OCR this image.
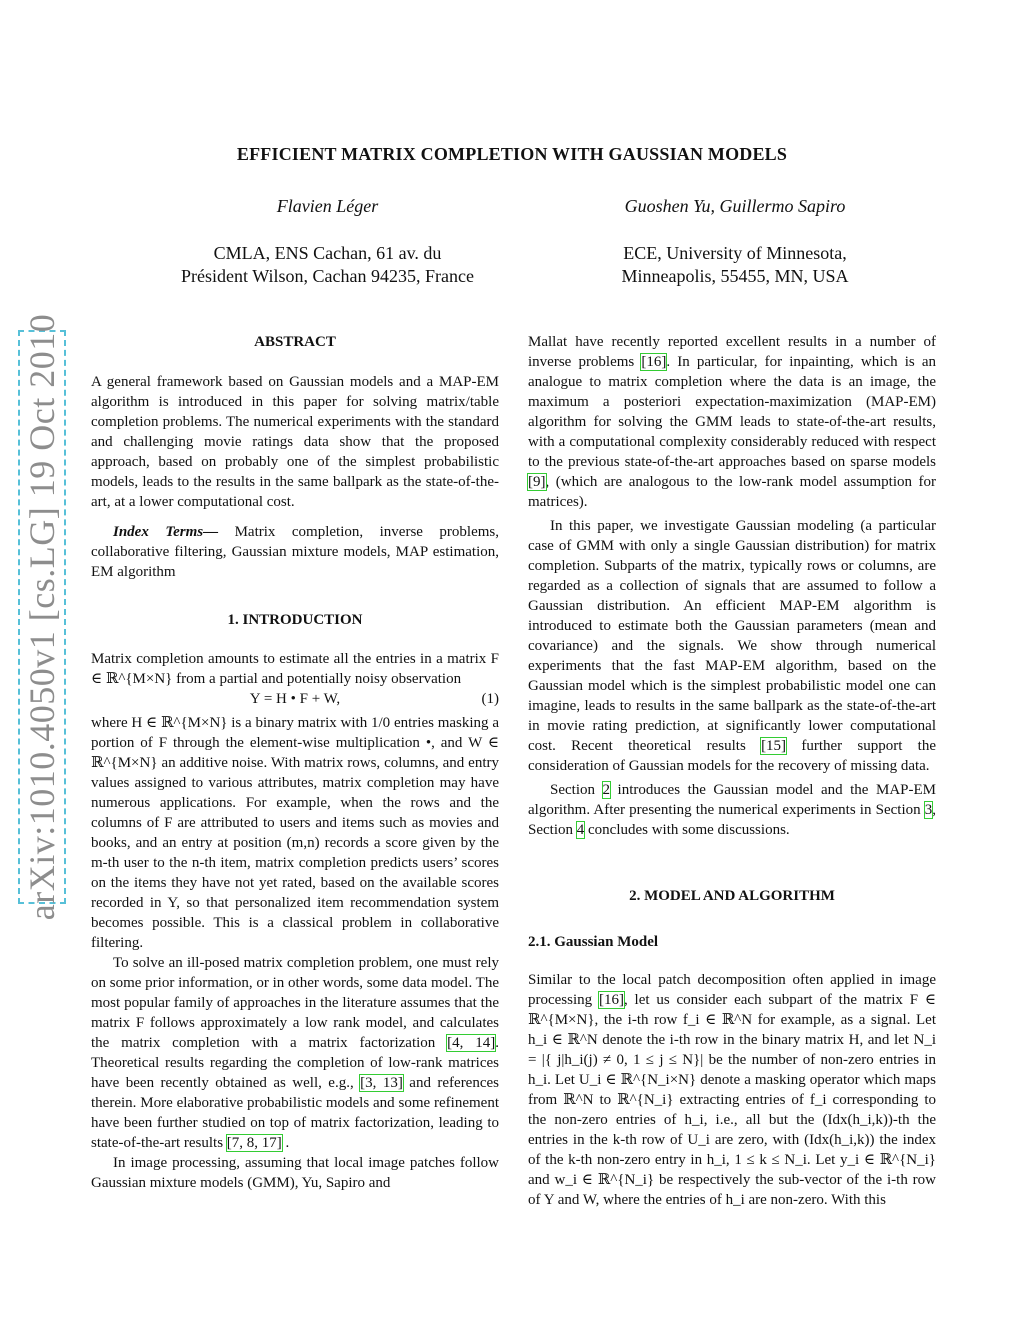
EFFICIENT MATRIX COMPLETION WITH GAUSSIAN MODELS
Flavien Léger	Guoshen Yu, Guillermo Sapiro
CMLA, ENS Cachan, 61 av. du
Président Wilson, Cachan 94235, France
ECE, University of Minnesota,
Minneapolis, 55455, MN, USA
arXiv:1010.4050v1 [cs.LG] 19 Oct 2010	ABSTRACT

A general framework based on Gaussian models and a MAP-EM algorithm is introduced in this paper for solving matrix/table completion problems. The numerical experiments with the standard and challenging movie ratings data show that the proposed approach, based on probably one of the simplest probabilistic models, leads to the results in the same ballpark as the state-of-the-art, at a lower computational cost.

Index Terms— Matrix completion, inverse problems, collaborative filtering, Gaussian mixture models, MAP estimation, EM algorithm

1. INTRODUCTION

Matrix completion amounts to estimate all the entries in a matrix F ∈ ℝ^{M×N} from a partial and potentially noisy observation

Y = H • F + W,	(1)

where H ∈ ℝ^{M×N} is a binary matrix with 1/0 entries masking a portion of F through the element-wise multiplication •, and W ∈ ℝ^{M×N} an additive noise. With matrix rows, columns, and entry values assigned to various attributes, matrix completion may have numerous applications. For example, when the rows and the columns of F are attributed to users and items such as movies and books, and an entry at position (m,n) records a score given by the m-th user to the n-th item, matrix completion predicts users’ scores on the items they have not yet rated, based on the available scores recorded in Y, so that personalized item recommendation system becomes possible. This is a classical problem in collaborative filtering.

To solve an ill-posed matrix completion problem, one must rely on some prior information, or in other words, some data model. The most popular family of approaches in the literature assumes that the matrix F follows approximately a low rank model, and calculates the matrix completion with a matrix factorization [4, 14]. Theoretical results regarding the completion of low-rank matrices have been recently obtained as well, e.g., [3, 13] and references therein. More elaborative probabilistic models and some refinement have been further studied on top of matrix factorization, leading to state-of-the-art results [7, 8, 17] .

In image processing, assuming that local image patches follow Gaussian mixture models (GMM), Yu, Sapiro and

Mallat have recently reported excellent results in a number of inverse problems [16]. In particular, for inpainting, which is an analogue to matrix completion where the data is an image, the maximum a posteriori expectation-maximization (MAP-EM) algorithm for solving the GMM leads to state-of-the-art results, with a computational complexity considerably reduced with respect to the previous state-of-the-art approaches based on sparse models [9], (which are analogous to the low-rank model assumption for matrices).

In this paper, we investigate Gaussian modeling (a particular case of GMM with only a single Gaussian distribution) for matrix completion. Subparts of the matrix, typically rows or columns, are regarded as a collection of signals that are assumed to follow a Gaussian distribution. An efficient MAP-EM algorithm is introduced to estimate both the Gaussian parameters (mean and covariance) and the signals. We show through numerical experiments that the fast MAP-EM algorithm, based on the Gaussian model which is the simplest probabilistic model one can imagine, leads to results in the same ballpark as the state-of-the-art in movie rating prediction, at significantly lower computational cost. Recent theoretical results [15] further support the consideration of Gaussian models for the recovery of missing data.

Section 2 introduces the Gaussian model and the MAP-EM algorithm. After presenting the numerical experiments in Section 3, Section 4 concludes with some discussions.

2. MODEL AND ALGORITHM
2.1. Gaussian Model

Similar to the local patch decomposition often applied in image processing [16], let us consider each subpart of the matrix F ∈ ℝ^{M×N}, the i-th row f_i ∈ ℝ^N for example, as a signal. Let h_i ∈ ℝ^N denote the i-th row in the binary matrix H, and let N_i = |{ j|h_i(j) ≠ 0, 1 ≤ j ≤ N}| be the number of non-zero entries in h_i. Let U_i ∈ ℝ^{N_i×N} denote a masking operator which maps from ℝ^N to ℝ^{N_i} extracting entries of f_i corresponding to the non-zero entries of h_i, i.e., all but the (Idx(h_i,k))-th the entries in the k-th row of U_i are zero, with (Idx(h_i,k)) the index of the k-th non-zero entry in h_i, 1 ≤ k ≤ N_i. Let y_i ∈ ℝ^{N_i} and w_i ∈ ℝ^{N_i} be respectively the sub-vector of the i-th row of Y and W, where the entries of h_i are non-zero. With this
